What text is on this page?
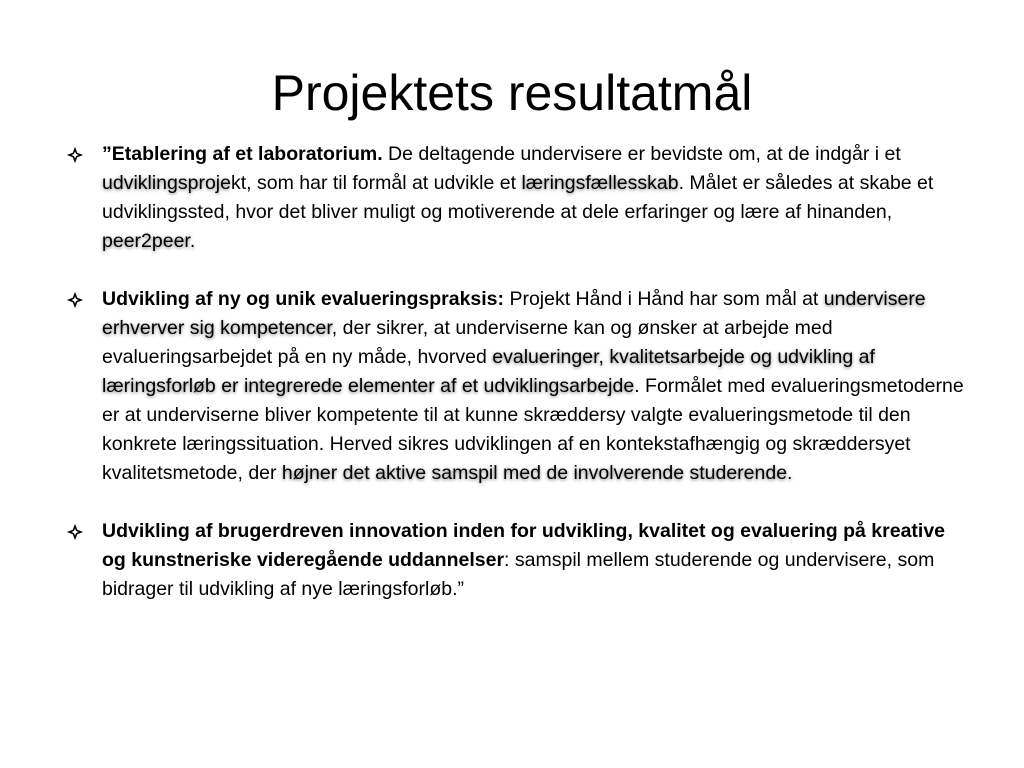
Projektets resultatmål
”Etablering af et laboratorium. De deltagende undervisere er bevidste om, at de indgår i et udviklingsprojekt, som har til formål at udvikle et læringsfællesskab. Målet er således at skabe et udviklingssted, hvor det bliver muligt og motiverende at dele erfaringer og lære af hinanden, peer2peer.
Udvikling af ny og unik evalueringspraksis: Projekt Hånd i Hånd har som mål at undervisere erhverver sig kompetencer, der sikrer, at underviserne kan og ønsker at arbejde med evalueringsarbejdet på en ny måde, hvorved evalueringer, kvalitetsarbejde og udvikling af læringsforløb er integrerede elementer af et udviklingsarbejde. Formålet med evalueringsmetoderne er at underviserne bliver kompetente til at kunne skræddersy valgte evalueringsmetode til den konkrete læringssituation. Herved sikres udviklingen af en kontekstafhængig og skræddersyet kvalitetsmetode, der højner det aktive samspil med de involverende studerende.
Udvikling af brugerdreven innovation inden for udvikling, kvalitet og evaluering på kreative og kunstneriske videregående uddannelser: samspil mellem studerende og undervisere, som bidrager til udvikling af nye læringsforløb.”
